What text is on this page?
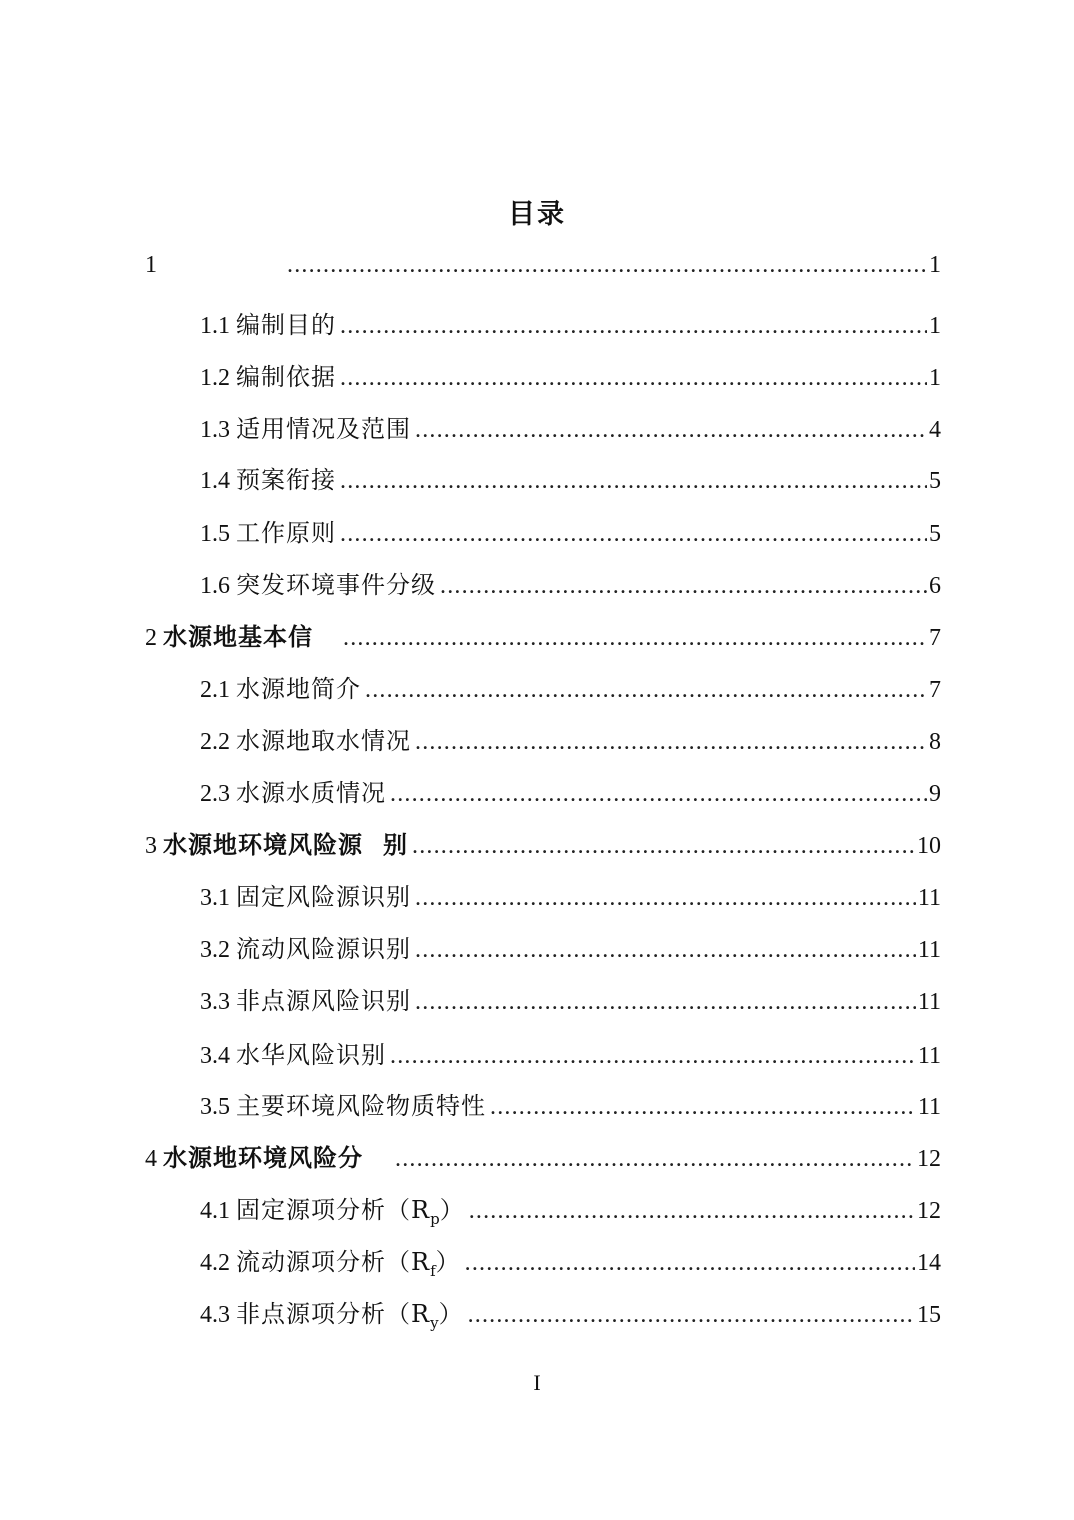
目录
1 .....	1
1.1 编制目的 .....	1
1.2 编制依据 .....	1
1.3 适用情况及范围 .....	4
1.4 预案衔接 .....	5
1.5 工作原则 .....	5
1.6 突发环境事件分级 .....	6
2 水源地基本信 .....	7
2.1 水源地简介 .....	7
2.2 水源地取水情况 .....	8
2.3 水源水质情况 .....	9
3 水源地环境风险源 别 .....	10
3.1 固定风险源识别 .....	11
3.2 流动风险源识别 .....	11
3.3 非点源风险识别 .....	11
3.4 水华风险识别 .....	11
3.5 主要环境风险物质特性 .....	11
4 水源地环境风险分 .....	12
4.1 固定源项分析（R p ） .....	12
4.2 流动源项分析（R f ） .....	14
4.3 非点源项分析（R y ） .....	15
I
